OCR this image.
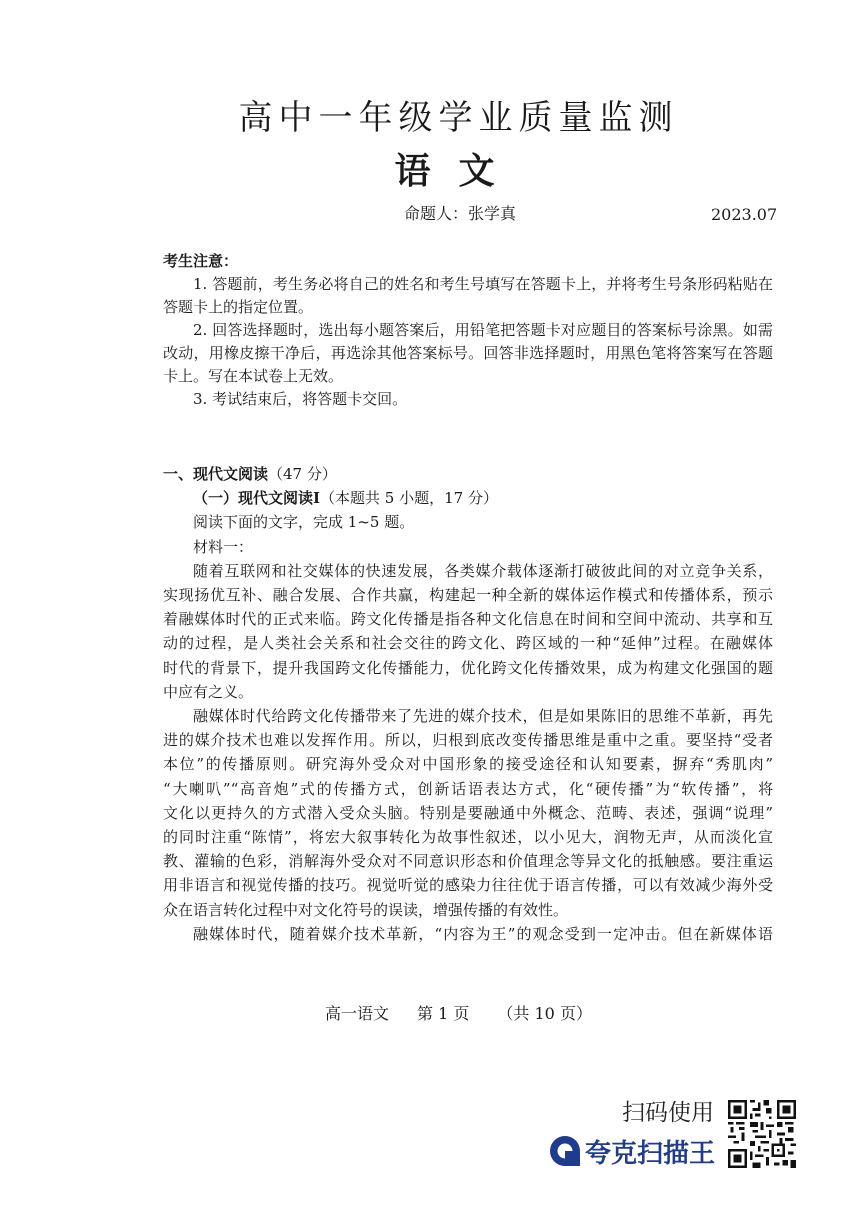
高中一年级学业质量监测
语文
命题人：张学真	2023.07

考生注意：

1. 答题前，考生务必将自己的姓名和考生号填写在答题卡上，并将考生号条形码粘贴在答题卡上的指定位置。

2. 回答选择题时，选出每小题答案后，用铅笔把答题卡对应题目的答案标号涂黑。如需改动，用橡皮擦干净后，再选涂其他答案标号。回答非选择题时，用黑色笔将答案写在答题卡上。写在本试卷上无效。

3. 考试结束后，将答题卡交回。

一、现代文阅读（47 分）

（一）现代文阅读Ⅰ（本题共 5 小题，17 分）

阅读下面的文字，完成 1~5 题。

材料一：

随着互联网和社交媒体的快速发展，各类媒介载体逐渐打破彼此间的对立竞争关系，

实现扬优互补、融合发展、合作共赢，构建起一种全新的媒体运作模式和传播体系，预示

着融媒体时代的正式来临。跨文化传播是指各种文化信息在时间和空间中流动、共享和互

动的过程，是人类社会关系和社会交往的跨文化、跨区域的一种“延伸”过程。在融媒体

时代的背景下，提升我国跨文化传播能力，优化跨文化传播效果，成为构建文化强国的题

中应有之义。

融媒体时代给跨文化传播带来了先进的媒介技术，但是如果陈旧的思维不革新，再先

进的媒介技术也难以发挥作用。所以，归根到底改变传播思维是重中之重。要坚持“受者

本位”的传播原则。研究海外受众对中国形象的接受途径和认知要素，摒弃“秀肌肉”

“大喇叭”“高音炮”式的传播方式，创新话语表达方式，化“硬传播”为“软传播”，将

文化以更持久的方式潜入受众头脑。特别是要融通中外概念、范畴、表述，强调“说理”

的同时注重“陈情”，将宏大叙事转化为故事性叙述，以小见大，润物无声，从而淡化宣

教、灌输的色彩，消解海外受众对不同意识形态和价值理念等异文化的抵触感。要注重运

用非语言和视觉传播的技巧。视觉听觉的感染力往往优于语言传播，可以有效减少海外受

众在语言转化过程中对文化符号的误读，增强传播的有效性。

融媒体时代，随着媒介技术革新，“内容为王”的观念受到一定冲击。但在新媒体语

高一语文 第 1 页 （共 10 页）
扫码使用
夸克扫描王
